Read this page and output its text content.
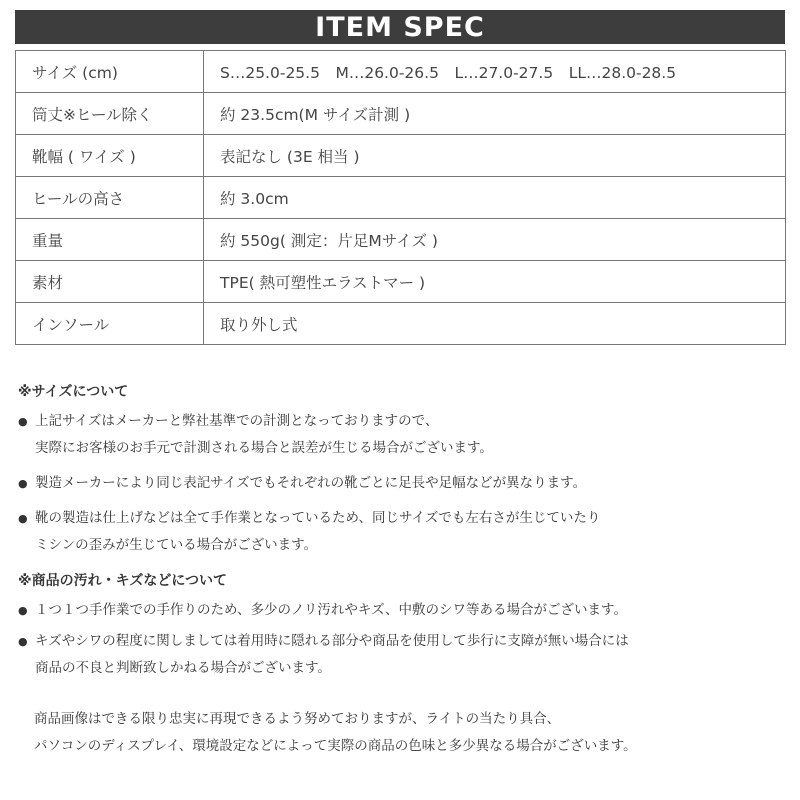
ITEM SPEC
サイズ (cm)	S…25.0-25.5　M…26.0-26.5　L…27.0-27.5　LL…28.0-28.5
筒丈※ヒール除く	約 23.5cm(M サイズ計測 )
靴幅 ( ワイズ )	表記なし (3E 相当 )
ヒールの高さ	約 3.0cm
重量	約 550g( 測定：片足Mサイズ )
素材	TPE( 熱可塑性エラストマー )
インソール	取り外し式

※サイズについて

● 上記サイズはメーカーと弊社基準での計測となっておりますので、
実際にお客様のお手元で計測される場合と誤差が生じる場合がございます。
● 製造メーカーにより同じ表記サイズでもそれぞれの靴ごとに足長や足幅などが異なります。
● 靴の製造は仕上げなどは全て手作業となっているため、同じサイズでも左右さが生じていたり
ミシンの歪みが生じている場合がございます。

※商品の汚れ・キズなどについて

● １つ１つ手作業での手作りのため、多少のノリ汚れやキズ、中敷のシワ等ある場合がございます。
● キズやシワの程度に関しましては着用時に隠れる部分や商品を使用して歩行に支障が無い場合には
商品の不良と判断致しかねる場合がございます。
商品画像はできる限り忠実に再現できるよう努めておりますが、ライトの当たり具合、
パソコンのディスプレイ、環境設定などによって実際の商品の色味と多少異なる場合がございます。
